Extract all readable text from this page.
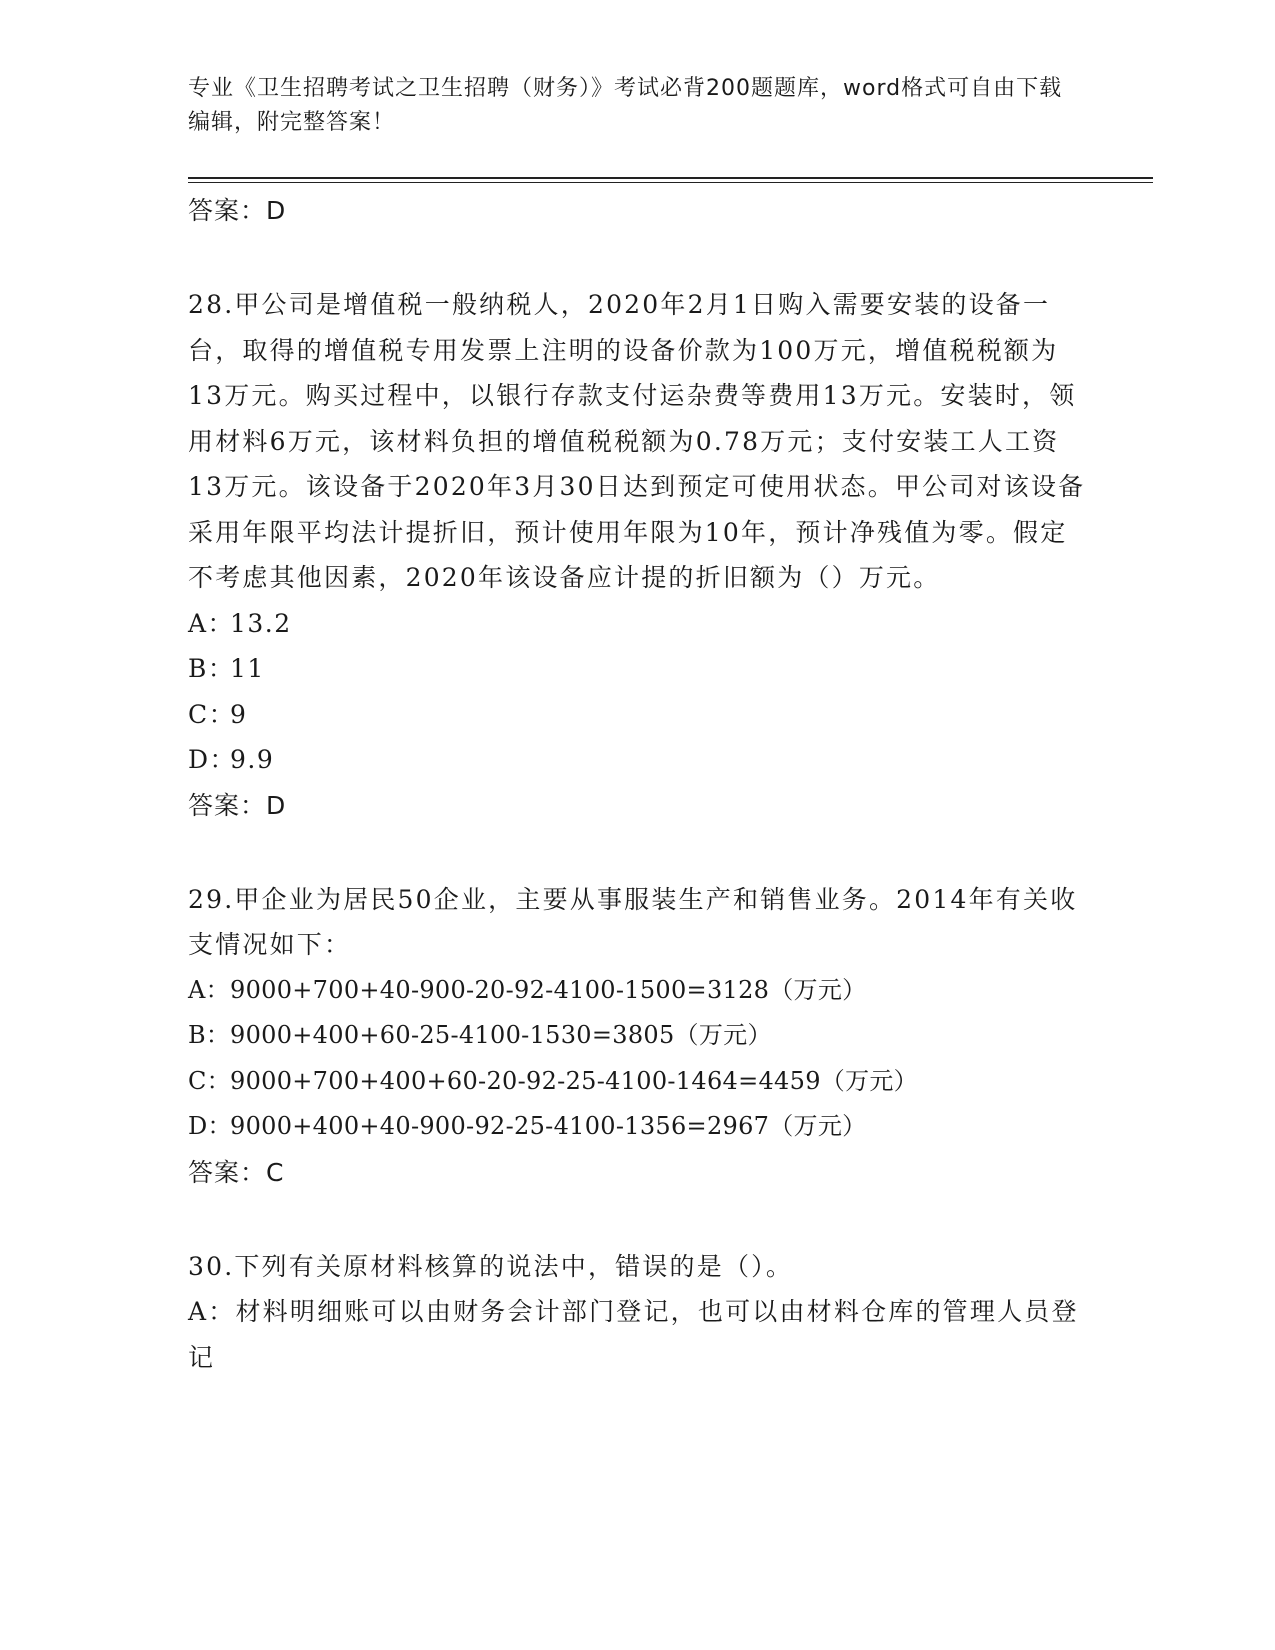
专业《卫生招聘考试之卫生招聘（财务）》考试必背200题题库，word格式可自由下载编辑，附完整答案！
答案：D
28.甲公司是增值税一般纳税人，2020年2月1日购入需要安装的设备一台，取得的增值税专用发票上注明的设备价款为100万元，增值税税额为13万元。购买过程中，以银行存款支付运杂费等费用13万元。安装时，领用材料6万元，该材料负担的增值税税额为0.78万元；支付安装工人工资13万元。该设备于2020年3月30日达到预定可使用状态。甲公司对该设备采用年限平均法计提折旧，预计使用年限为10年，预计净残值为零。假定不考虑其他因素，2020年该设备应计提的折旧额为（）万元。
A：13.2
B：11
C：9
D：9.9
答案：D
29.甲企业为居民50企业，主要从事服装生产和销售业务。2014年有关收支情况如下：
A：9000+700+40-900-20-92-4100-1500=3128（万元）
B：9000+400+60-25-4100-1530=3805（万元）
C：9000+700+400+60-20-92-25-4100-1464=4459（万元）
D：9000+400+40-900-92-25-4100-1356=2967（万元）
答案：C
30.下列有关原材料核算的说法中，错误的是（）。
A：材料明细账可以由财务会计部门登记，也可以由材料仓库的管理人员登记
